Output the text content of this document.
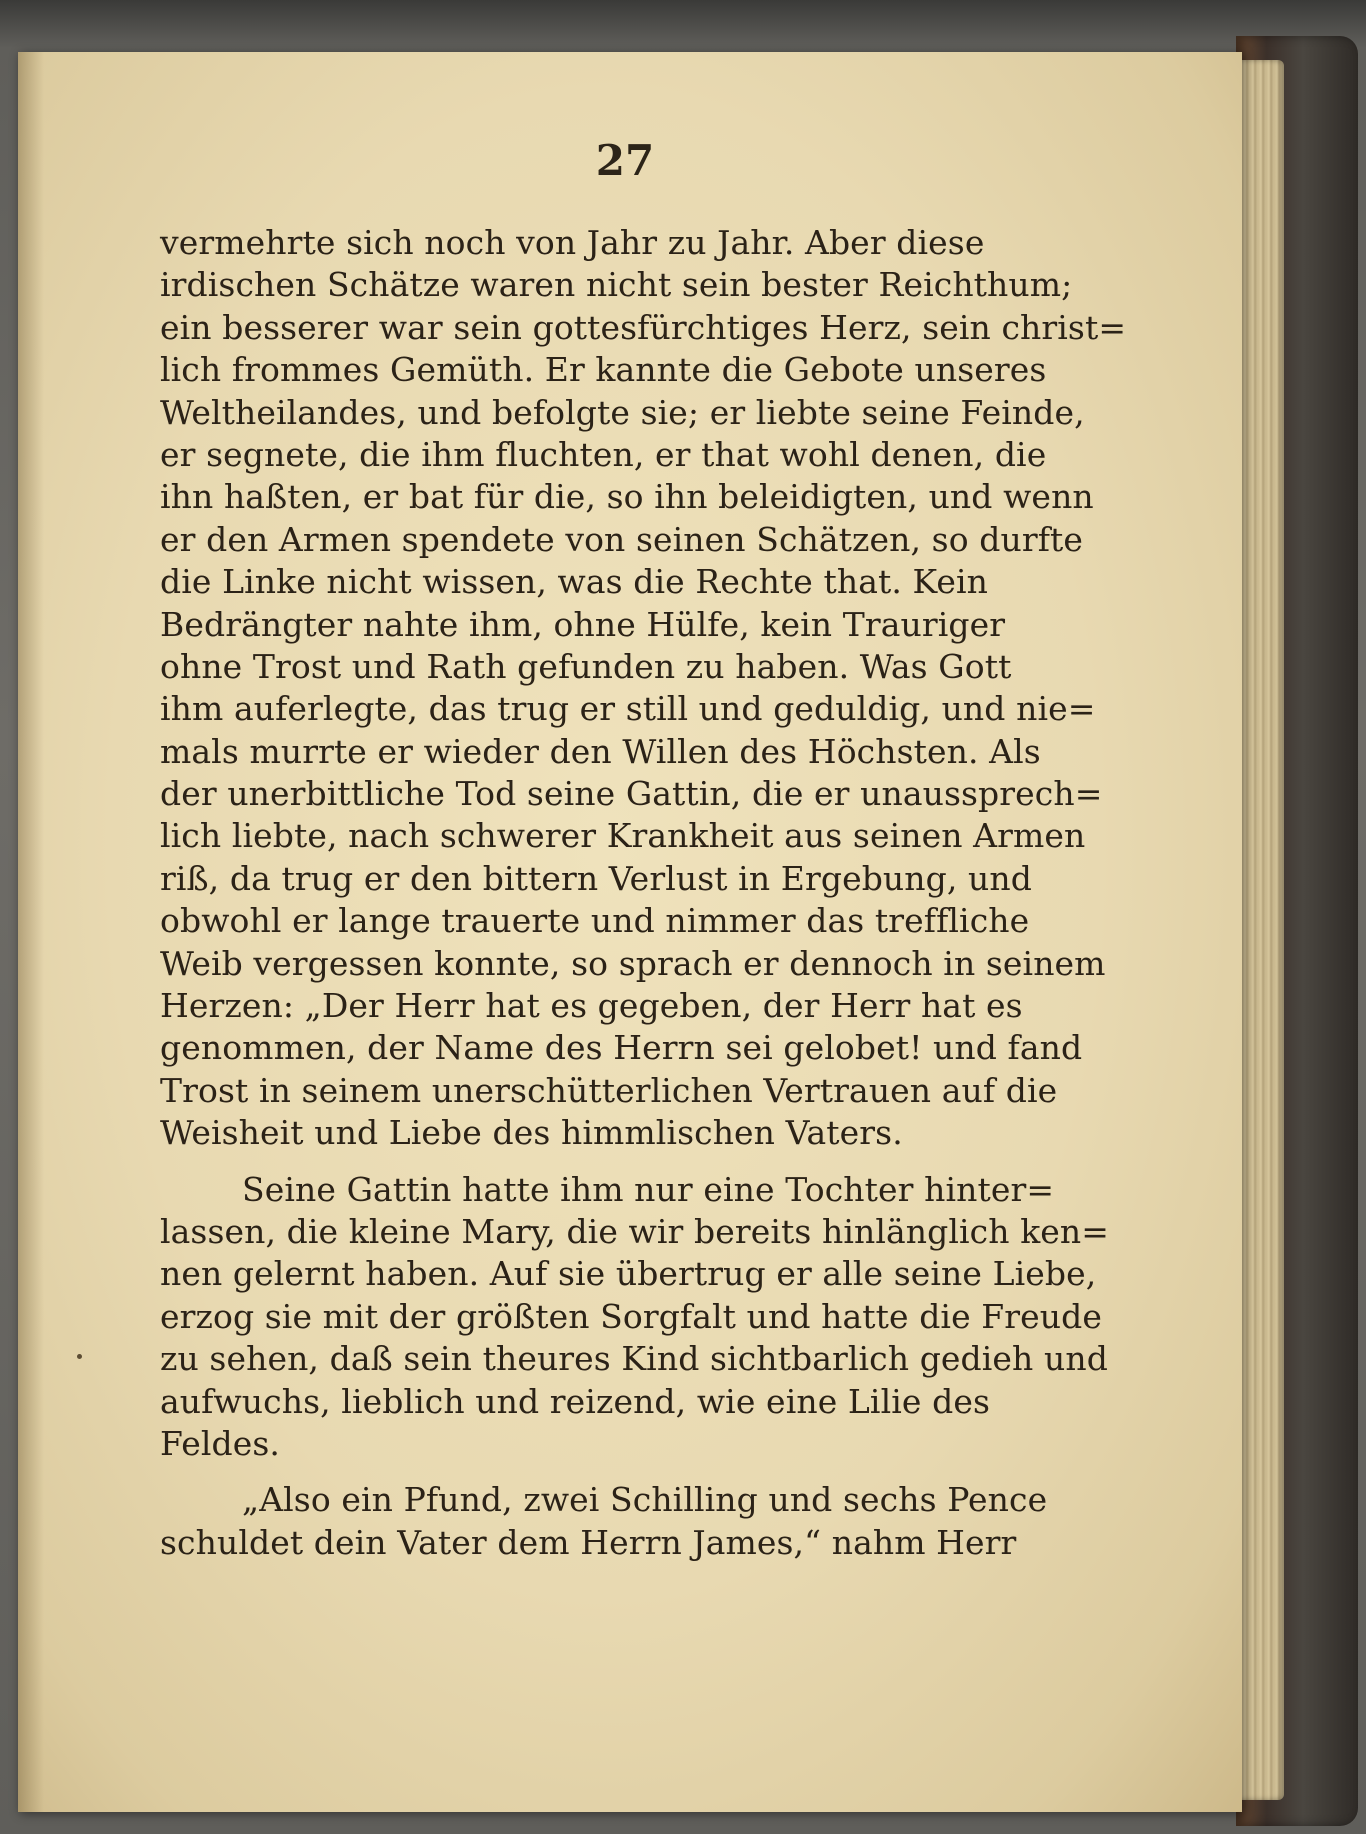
27
vermehrte sich noch von Jahr zu Jahr. Aber diese
irdischen Schätze waren nicht sein bester Reichthum;
ein besserer war sein gottesfürchtiges Herz, sein christ=
lich frommes Gemüth. Er kannte die Gebote unseres
Weltheilandes, und befolgte sie; er liebte seine Feinde,
er segnete, die ihm fluchten, er that wohl denen, die
ihn haßten, er bat für die, so ihn beleidigten, und wenn
er den Armen spendete von seinen Schätzen, so durfte
die Linke nicht wissen, was die Rechte that. Kein
Bedrängter nahte ihm, ohne Hülfe, kein Trauriger
ohne Trost und Rath gefunden zu haben. Was Gott
ihm auferlegte, das trug er still und geduldig, und nie=
mals murrte er wieder den Willen des Höchsten. Als
der unerbittliche Tod seine Gattin, die er unaussprech=
lich liebte, nach schwerer Krankheit aus seinen Armen
riß, da trug er den bittern Verlust in Ergebung, und
obwohl er lange trauerte und nimmer das treffliche
Weib vergessen konnte, so sprach er dennoch in seinem
Herzen: „Der Herr hat es gegeben, der Herr hat es
genommen, der Name des Herrn sei gelobet! und fand
Trost in seinem unerschütterlichen Vertrauen auf die
Weisheit und Liebe des himmlischen Vaters.
Seine Gattin hatte ihm nur eine Tochter hinter=
lassen, die kleine Mary, die wir bereits hinlänglich ken=
nen gelernt haben. Auf sie übertrug er alle seine Liebe,
erzog sie mit der größten Sorgfalt und hatte die Freude
zu sehen, daß sein theures Kind sichtbarlich gedieh und
aufwuchs, lieblich und reizend, wie eine Lilie des
Feldes.
„Also ein Pfund, zwei Schilling und sechs Pence
schuldet dein Vater dem Herrn James,“ nahm Herr
